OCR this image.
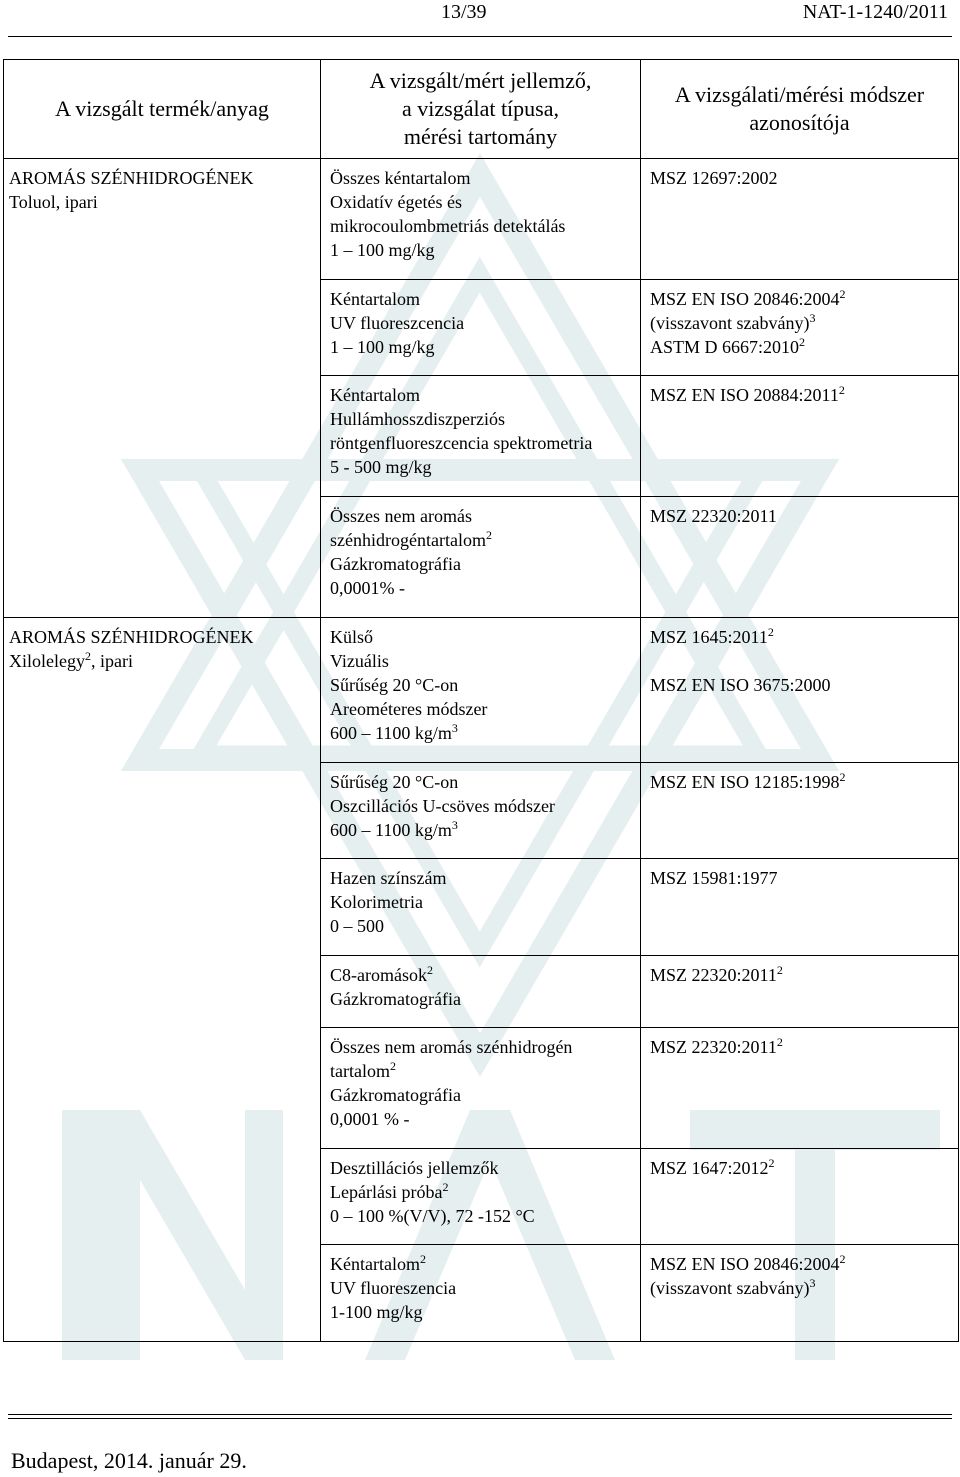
13/39	NAT-1-1240/2011
A vizsgált termék/anyag	A vizsgált/mért jellemző,
a vizsgálat típusa,
mérési tartomány	A vizsgálati/mérési módszer
azonosítója

AROMÁS SZÉNHIDROGÉNEK
Toluol, ipari	Összes kéntartalom
Oxidatív égetés és
mikrocoulombmetriás detektálás
1 – 100 mg/kg	MSZ 12697:2002

	Kéntartalom
UV fluoreszcencia
1 – 100 mg/kg	MSZ EN ISO 20846:2004$^2$
(visszavont szabvány)$^3$
ASTM D 6667:2010$^2$

	Kéntartalom
Hullámhosszdiszperziós
röntgenfluoreszcencia spektrometria
5 - 500 mg/kg	MSZ EN ISO 20884:2011$^2$

	Összes nem aromás
szénhidrogéntartalom$^2$
Gázkromatográfia
0,0001% -	MSZ 22320:2011

AROMÁS SZÉNHIDROGÉNEK
Xilolelegy$^2$, ipari	Külső
Vizuális
Sűrűség 20 °C-on
Areométeres módszer
600 – 1100 $kg/m^3$	MSZ 1645:2011$^2$

MSZ EN ISO 3675:2000

	Sűrűség 20 °C-on
Oszcillációs U-csöves módszer
600 – 1100 $kg/m^3$	MSZ EN ISO 12185:1998$^2$

	Hazen színszám
Kolorimetria
0 – 500	MSZ 15981:1977

	C8-aromások$^2$
Gázkromatográfia	MSZ 22320:2011$^2$

	Összes nem aromás szénhidrogén
tartalom$^2$
Gázkromatográfia
0,0001 % -	MSZ 22320:2011$^2$

	Desztillációs jellemzők
Lepárlási próba$^2$
0 – 100 %(V/V), 72 -152 °C	MSZ 1647:2012$^2$

	Kéntartalom$^2$
UV fluoreszencia
1-100 mg/kg	MSZ EN ISO 20846:2004$^2$
(visszavont szabvány)$^3$
Budapest, 2014. január 29.
